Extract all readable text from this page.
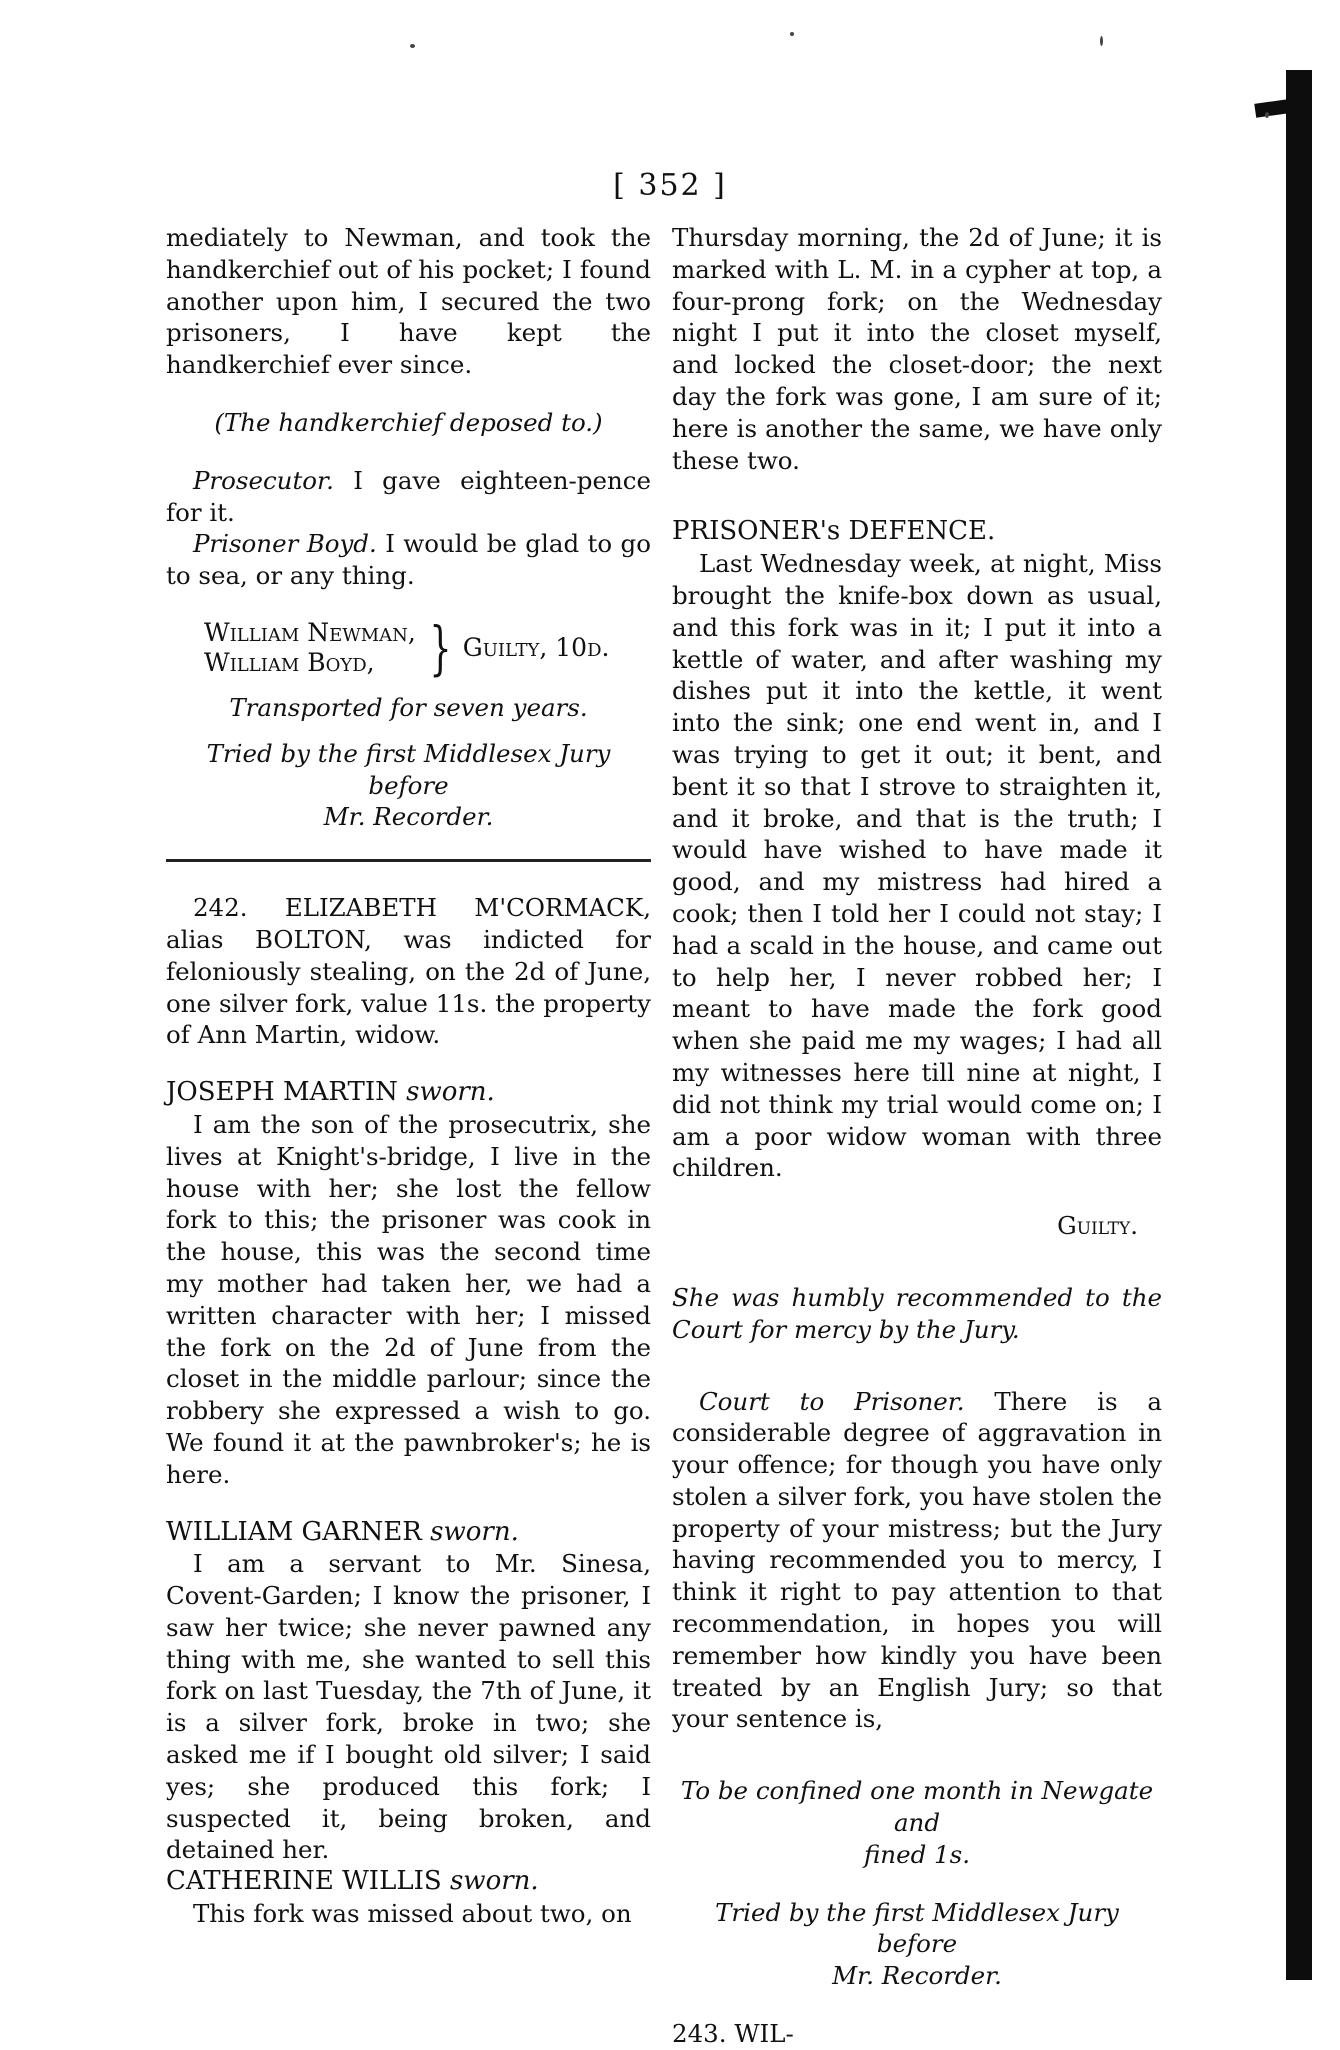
[ 352 ]

mediately to Newman, and took the handkerchief out of his pocket; I found another upon him, I secured the two prisoners, I have kept the handkerchief ever since.

(The handkerchief deposed to.)

Prosecutor. I gave eighteen-pence for it.

Prisoner Boyd. I would be glad to go to sea, or any thing.

William Newman,
William Boyd, } Guilty, 10d.

Transported for seven years.

Tried by the first Middlesex Jury before

Mr. Recorder.

242. ELIZABETH M'CORMACK, alias BOLTON, was indicted for feloniously stealing, on the 2d of June, one silver fork, value 11s. the property of Ann Martin, widow.

JOSEPH MARTIN sworn.

I am the son of the prosecutrix, she lives at Knight's-bridge, I live in the house with her; she lost the fellow fork to this; the prisoner was cook in the house, this was the second time my mother had taken her, we had a written character with her; I missed the fork on the 2d of June from the closet in the middle parlour; since the robbery she expressed a wish to go. We found it at the pawnbroker's; he is here.

WILLIAM GARNER sworn.

I am a servant to Mr. Sinesa, Covent-Garden; I know the prisoner, I saw her twice; she never pawned any thing with me, she wanted to sell this fork on last Tuesday, the 7th of June, it is a silver fork, broke in two; she asked me if I bought old silver; I said yes; she produced this fork; I suspected it, being broken, and detained her.

CATHERINE WILLIS sworn.

This fork was missed about two, on

Thursday morning, the 2d of June; it is marked with L. M. in a cypher at top, a four-prong fork; on the Wednesday night I put it into the closet myself, and locked the closet-door; the next day the fork was gone, I am sure of it; here is another the same, we have only these two.

PRISONER's DEFENCE.

Last Wednesday week, at night, Miss brought the knife-box down as usual, and this fork was in it; I put it into a kettle of water, and after washing my dishes put it into the kettle, it went into the sink; one end went in, and I was trying to get it out; it bent, and bent it so that I strove to straighten it, and it broke, and that is the truth; I would have wished to have made it good, and my mistress had hired a cook; then I told her I could not stay; I had a scald in the house, and came out to help her, I never robbed her; I meant to have made the fork good when she paid me my wages; I had all my witnesses here till nine at night, I did not think my trial would come on; I am a poor widow woman with three children.

Guilty.

She was humbly recommended to the Court for mercy by the Jury.

Court to Prisoner. There is a considerable degree of aggravation in your offence; for though you have only stolen a silver fork, you have stolen the property of your mistress; but the Jury having recommended you to mercy, I think it right to pay attention to that recommendation, in hopes you will remember how kindly you have been treated by an English Jury; so that your sentence is,

To be confined one month in Newgate and

fined 1s.

Tried by the first Middlesex Jury before

Mr. Recorder.

243. WIL-
